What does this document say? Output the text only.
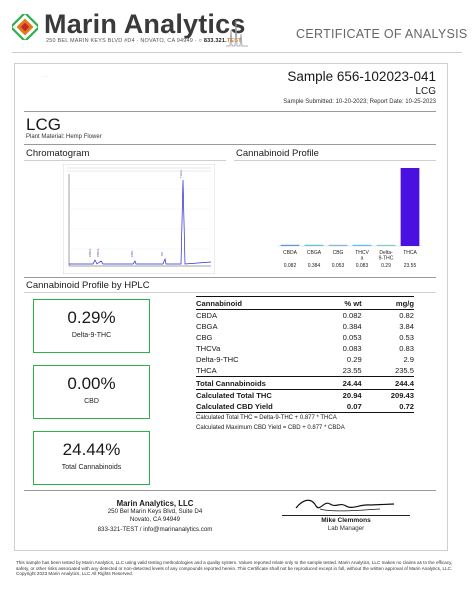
Marin Analytics
250 BEL MARIN KEYS BLVD #D4 · NOVATO, CA 94949 · ○ 833.321.TEST	CERTIFICATE OF ANALYSIS
· · ·	Sample 656-102023-041
LCG
Sample Submitted: 10-20-2023; Report Date: 10-25-2023
LCG
Plant Material: Hemp Flower
Chromatogram	Cannabinoid Profile
CBDA CBGA	CBG	D9
THCA
CBDA
0.082
CBGA
0.384
CBG
0.053
THCV
a
0.083
Delta-
9-THC
0.29
THCA
23.55
Cannabinoid Profile by HPLC
0.29%
Delta-9-THC
0.00%
CBD
24.44%
Total Cannabinoids
Cannabinoid	% wt	mg/g
CBDA	0.082	0.82
CBGA	0.384	3.84
CBG	0.053	0.53
THCVa	0.083	0.83
Delta-9-THC	0.29	2.9
THCA	23.55	235.5
Total Cannabinoids	24.44	244.4
Calculated Total THC	20.94	209.43
Calculated CBD Yield	0.07	0.72
Calculated Total THC = Delta-9-THC + 0.877 * THCA		
Calculated Maximum CBD Yield = CBD + 0.877 * CBDA		
Marin Analytics, LLC
250 Bel Marin Keys Blvd, Suite D4
Novato, CA 94949
833-321-TEST / info@marinanalytics.com
Mike Clemmons
Lab Manager
This sample has been tested by Marin Analytics, LLC using valid testing methodologies and a quality system. Values reported relate only to the sample tested. Marin Analytics, LLC makes no claims as to the efficacy, safety, or other risks associated with any detected or non-detected levels of any compounds reported herein. This Certificate shall not be reproduced except in full, without the written approval of Marin Analytics, LLC. Copyright 2023 Marin Analytics, LLC All Rights Reserved.
